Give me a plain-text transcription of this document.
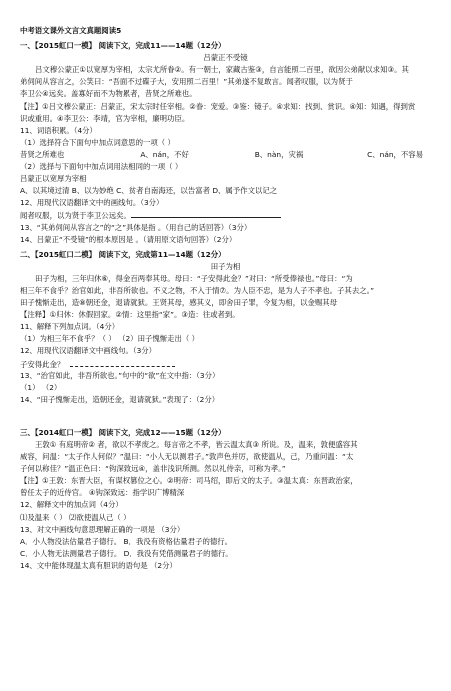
中考语文课外文言文真题阅读5
一、【2015虹口一模】 阅读下文，完成11——14题（12分）
吕蒙正不受镜
吕文穆公蒙正①以宽厚为宰相，太宗尤所眷②。有一朝士，家藏古鉴③，自言能照二百里，欲因公弟献以求知③。其
弟伺间从容言之，公笑曰：“吾面不过碟子大，安用照二百里！”其弟遂不复敢言。闻者叹服，以为贤于
李卫公④远矣。盖寡好而不为物累者，昔贤之所难也。
【注】①吕文穆公蒙正：吕蒙正，宋太宗时任宰相。②眷：宠爱。③鉴：镜子。④求知：找到、赏识。④知：知遇，得到赏
识或重用。④李卫公：李靖，官为宰相，廉明功臣。
11、词语积累。（4分）
（1）选择符合下面句中加点词意思的一项（ ）
昔贤之所难也	A、nán，不好	B、nàn，灾祸	C、nán，不容易
（2）选择与下面句中加点词用法相同的一项（ ）
吕蒙正以宽厚为宰相
A、以其境过清 B、以为妙绝 C、贫者自南海还，以告富者 D、属予作文以记之
12、用现代汉语翻译文中的画线句。（3分）
闻者叹服，以为贤于李卫公远矣。
13、“其弟伺间从容言之”的“之”具体是指 。（用自己的话回答）（3分）
14、吕蒙正“不受镜”的根本原因是 。（请用原文语句回答）（2分）
二、【2015虹口二模】 阅读下文，完成第11—14题（12分）
田子为相
田子为相，三年归休⑥，得金百两奉其母。母曰：“子安得此金？”对曰：“所受俸禄也。”母曰：“为
相三年不食乎？治官如此，非吾所欲也。不义之物，不入于情⑦。为人臣不忠，是为人子不孝也。子其去之。”
田子愧惭走出，造⑧朝还金，退请就狱。王贤其母，感其义，即舍田子罪，令复为相，以金赐其母
【注释】①归休：休假回家。②情：这里指“家”。③造：往或者到。
11、解释下列加点词。（4分）
（1）为相三年不食乎？（ ） （2）田子愧惭走出（ ）
12、用现代汉语翻译文中画线句。（3分）
子安得此金？
13、“治官如此，非吾所欲也。”句中的“欲”在文中指：（3分）
（1） （2）
14、“田子愧惭走出，造朝还金，退请就狱。”表现了：（2分）
三、【2014虹口一模】 阅读下文，完成12——15题（12分）
王敦① 有庭明帝② 者，欲以不孝废之。每言帝之不孝，皆云温太真③ 所说。及，温来，敦便盛容其
威容，问温：“太子作人何似？”温曰：“小人无以测君子。”敦声色并厉，欲使温从，己，乃重问温：“太
子何以称佳？”温正色曰：“钩深致远④，盖非浅识所测。然以礼侍亲，可称为孝。”
【注】①王敦：东晋大臣，有谋权篡位之心。②明帝：司马绍，即后文的太子。③温太真：东晋政治家，
曾任太子的近侍官。 ④钩深致远：指学识广博精深
12、解释文中的加点词（4分）
⑴及温来（ ） ⑵欲使温从己（ ）
13、对文中画线句意思理解正确的一项是 （3分）
A．小人物没法估量君子德行。 B．我没有资格估量君子的德行。
C．小人物无法测量君子德行。 D．我没有凭借测量君子的德行。
14、文中能体现温太真有胆识的语句是 （2分）
